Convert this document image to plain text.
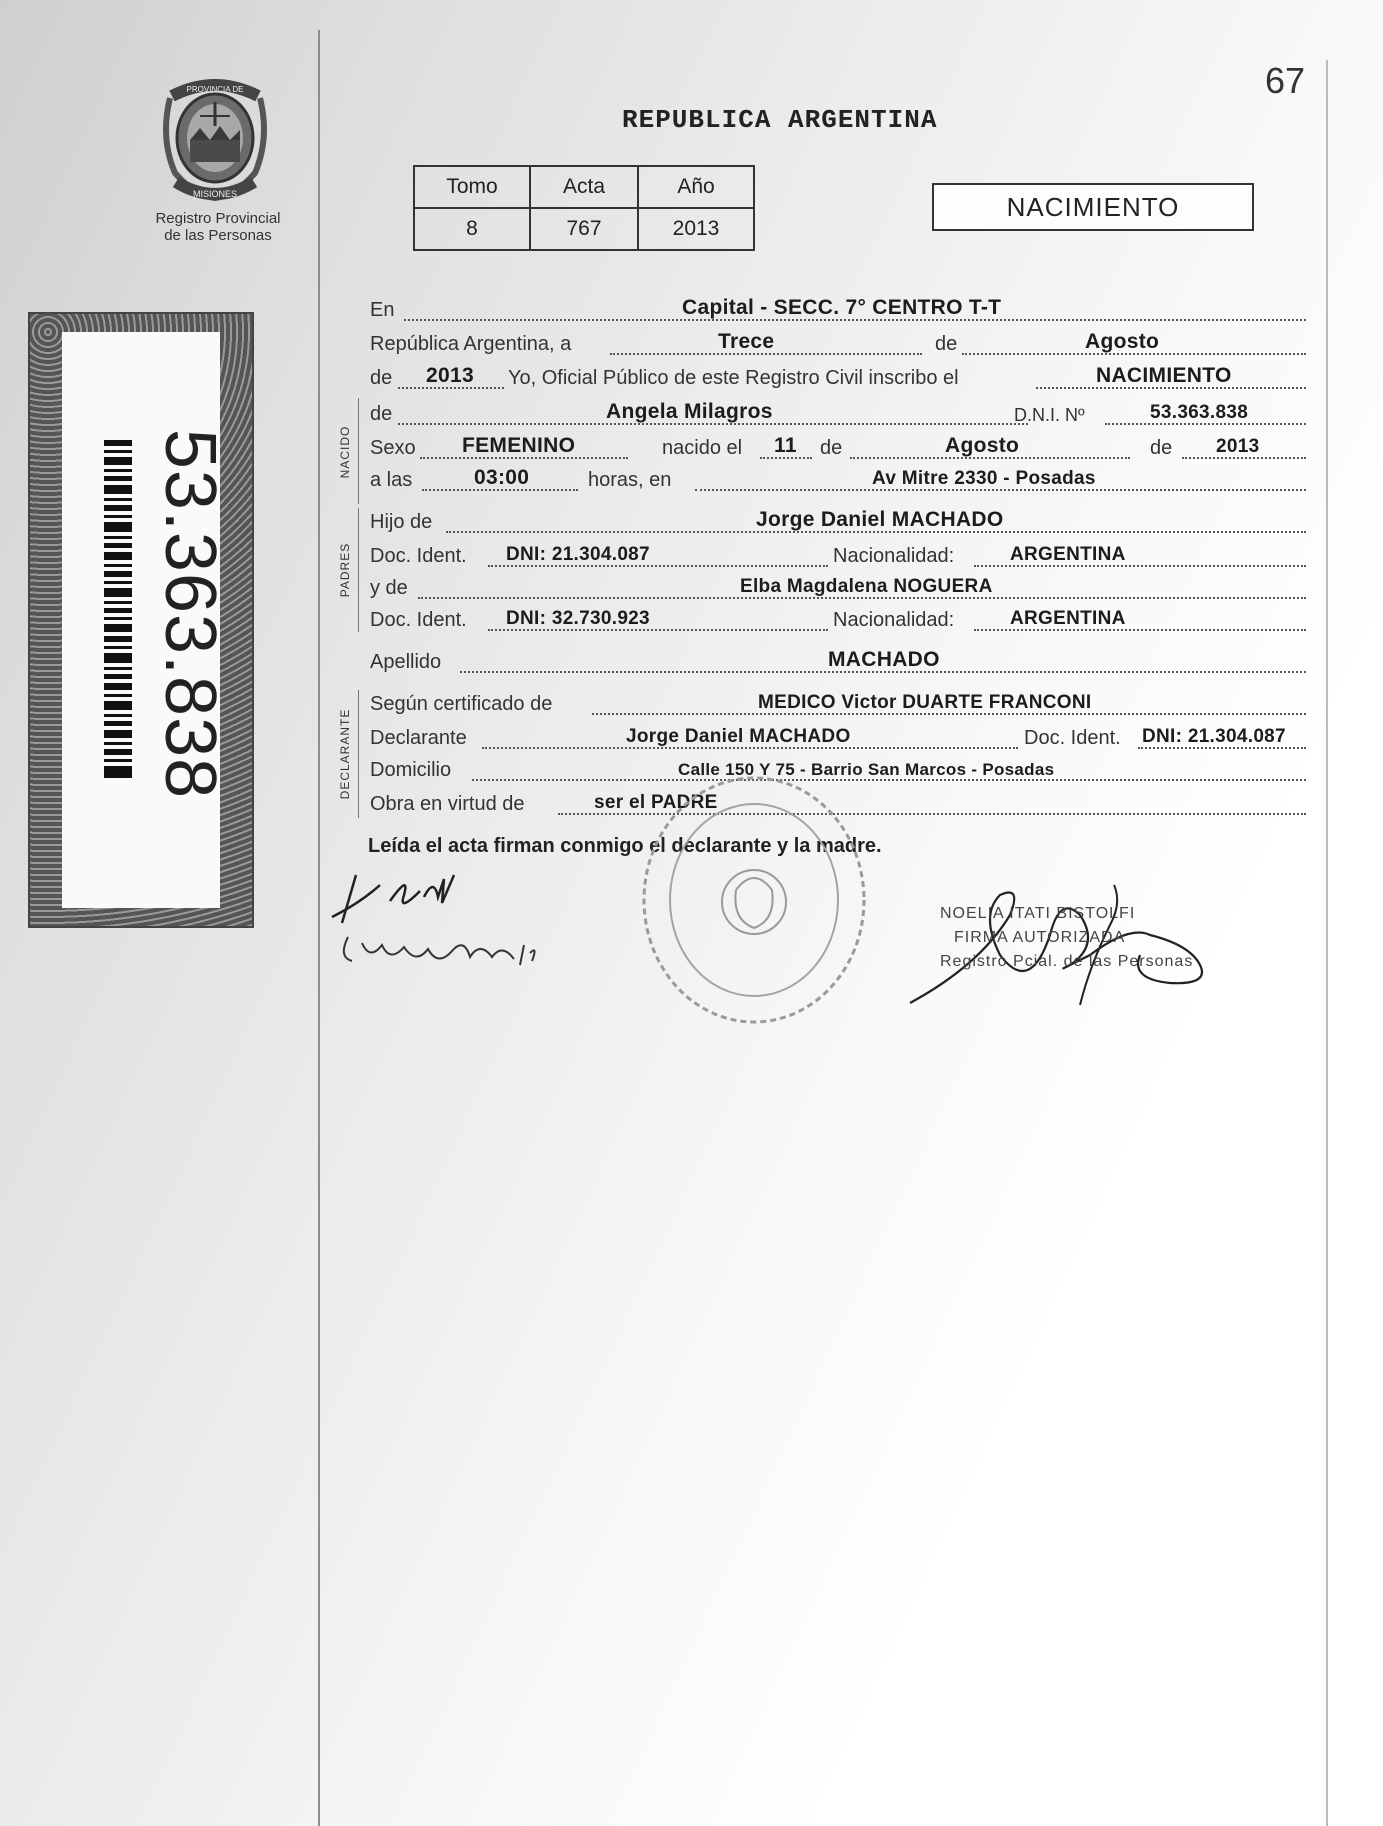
PROVINCIA DE
MISIONES
Registro Provincial
de las Personas
53.363.838
67
REPUBLICA ARGENTINA
Tomo	Acta	Año
8	767	2013
NACIMIENTO
NACIDO
PADRES
DECLARANTE
En	Capital - SECC. 7° CENTRO T-T
República Argentina, a	Trece	de	Agosto
de 2013 Yo, Oficial Público de este Registro Civil inscribo el	NACIMIENTO
de	Angela Milagros	D.N.I. Nº	53.363.838
Sexo FEMENINO	nacido el 11 de	Agosto	de 2013
a las	03:00	horas, en	Av Mitre 2330 - Posadas
Hijo de	Jorge Daniel MACHADO
Doc. Ident. DNI: 21.304.087	Nacionalidad:	ARGENTINA
y de	Elba Magdalena NOGUERA
Doc. Ident. DNI: 32.730.923	Nacionalidad:	ARGENTINA
Apellido	MACHADO
Según certificado de	MEDICO Victor DUARTE FRANCONI
Declarante	Jorge Daniel MACHADO	Doc. Ident. DNI: 21.304.087
Domicilio	Calle 150 Y 75 - Barrio San Marcos - Posadas
Obra en virtud de	ser el PADRE
Leída el acta firman conmigo el declarante y la madre.
NOELIA ITATI BISTOLFI
FIRMA AUTORIZADA
Registro Pcial. de las Personas
